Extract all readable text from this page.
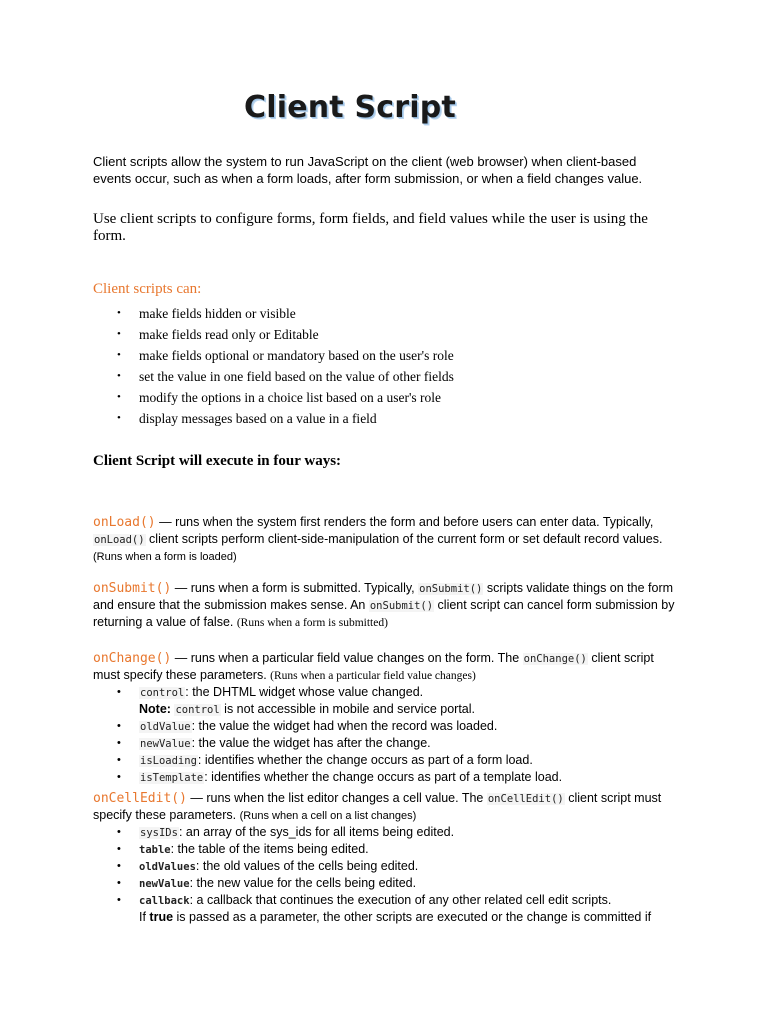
Client Script
Client scripts allow the system to run JavaScript on the client (web browser) when client-based events occur, such as when a form loads, after form submission, or when a field changes value.
Use client scripts to configure forms, form fields, and field values while the user is using the form.
Client scripts can:
• make fields hidden or visible
• make fields read only or Editable
• make fields optional or mandatory based on the user's role
• set the value in one field based on the value of other fields
• modify the options in a choice list based on a user's role
• display messages based on a value in a field
Client Script will execute in four ways:
onLoad() — runs when the system first renders the form and before users can enter data. Typically, onLoad() client scripts perform client-side-manipulation of the current form or set default record values. (Runs when a form is loaded)
onSubmit() — runs when a form is submitted. Typically, onSubmit() scripts validate things on the form and ensure that the submission makes sense. An onSubmit() client script can cancel form submission by returning a value of false. (Runs when a form is submitted)
onChange() — runs when a particular field value changes on the form. The onChange() client script must specify these parameters. (Runs when a particular field value changes)
• control: the DHTML widget whose value changed.
Note: control is not accessible in mobile and service portal.
• oldValue: the value the widget had when the record was loaded.
• newValue: the value the widget has after the change.
• isLoading: identifies whether the change occurs as part of a form load.
• isTemplate: identifies whether the change occurs as part of a template load.
onCellEdit() — runs when the list editor changes a cell value. The onCellEdit() client script must specify these parameters. (Runs when a cell on a list changes)
• sysIDs: an array of the sys_ids for all items being edited.
• table: the table of the items being edited.
• oldValues: the old values of the cells being edited.
• newValue: the new value for the cells being edited.
• callback: a callback that continues the execution of any other related cell edit scripts.
If true is passed as a parameter, the other scripts are executed or the change is committed if
